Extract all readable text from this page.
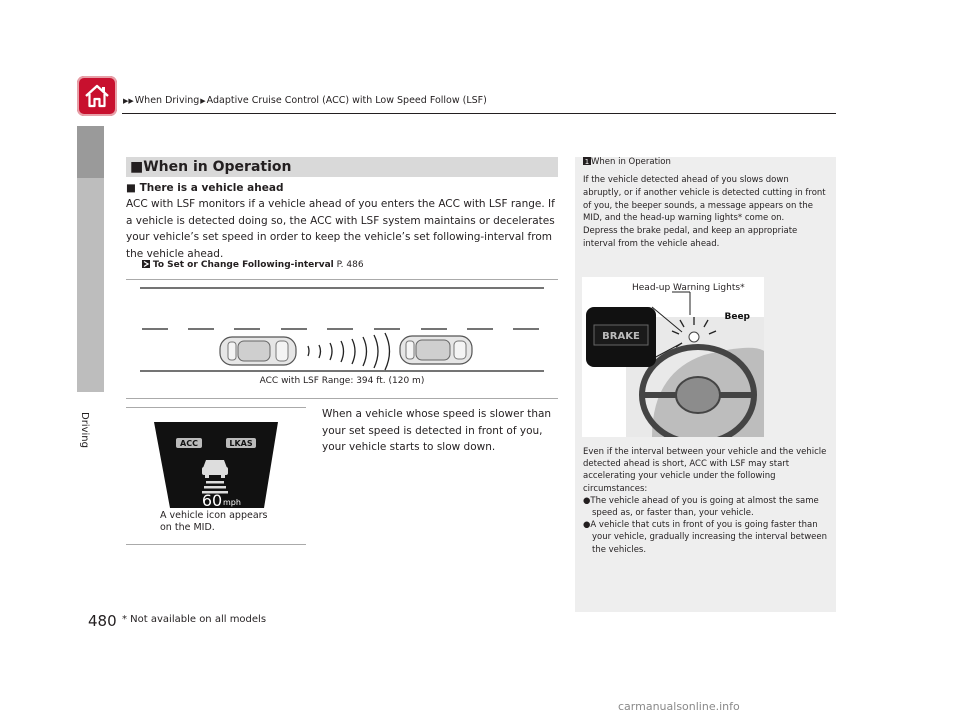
▶▶When Driving▶Adaptive Cruise Control (ACC) with Low Speed Follow (LSF)
Driving
480 * Not available on all models
■When in Operation
■ There is a vehicle ahead
ACC with LSF monitors if a vehicle ahead of you enters the ACC with LSF range. If a vehicle is detected doing so, the ACC with LSF system maintains or decelerates your vehicle’s set speed in order to keep the vehicle’s set following-interval from the vehicle ahead.
To Set or Change Following-interval P. 486
ACC with LSF Range: 394 ft. (120 m)
ACC	LKAS
60 mph
A vehicle icon appears
on the MID.
When a vehicle whose speed is slower than your set speed is detected in front of you, your vehicle starts to slow down.
1 When in Operation
If the vehicle detected ahead of you slows down abruptly, or if another vehicle is detected cutting in front of you, the beeper sounds, a message appears on the MID, and the head-up warning lights* come on.
Depress the brake pedal, and keep an appropriate interval from the vehicle ahead.
BRAKE
Beep
Head-up Warning Lights*
Even if the interval between your vehicle and the vehicle detected ahead is short, ACC with LSF may start accelerating your vehicle under the following circumstances:
●The vehicle ahead of you is going at almost the same speed as, or faster than, your vehicle.
●A vehicle that cuts in front of you is going faster than your vehicle, gradually increasing the interval between the vehicles.
carmanualsonline.info
